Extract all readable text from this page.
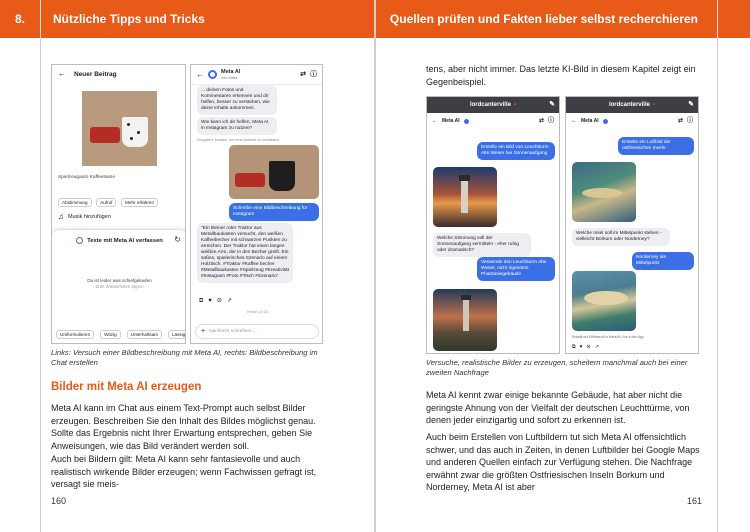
8.	Nützliche Tipps und Tricks
← Neuer Beitrag
Spielzeugauto Kaffeetasse
Abstimmung	Aufruf	Mehr erfahren
♫ Musik hinzufügen
Texte mit Meta AI verfassen ↻
Da ist leider was schiefgelaufen
Zum Wiederholen tippen
Umformulieren	Witzig	Unterhaltsam	Lässig
←	Meta AI
von Meta	⇄ ⓘ
... deinen Fotos und Kommentaren erkennen und dir helfen, besser zu verstehen, wie deine Inhalte ankommen.
Wie kann ich dir helfen, Meta AI in Instagram zu nutzen?
Gruppiert: Nutzen, um eine Antwort zu verfassen
Schreibe eine Bildbeschreibung für Instagram
"Ein kleiner roter Traktor aus Metallbaukasten versucht, den weißen Kaffeebecher mit schwarzen Punkten zu erreichen. Der Traktor hat einen langen weißen Arm, der in den Becher greift. Ein süßes, spielerisches Szenario auf einem Holztisch. #Traktor #Kaffee becher #Metallbaukasten #Spielzeug #Kreativität #Instagram #Foto #Tisch #Szenario"
⧉ ♥ ⊘ ↗
Heute 10:18
+ Nachricht schreiben ...
Links: Versuch einer Bildbeschreibung mit Meta AI, rechts: Bildbeschreibung im Chat erstellen
Bilder mit Meta AI erzeugen
Meta AI kann im Chat aus einem Text-Prompt auch selbst Bilder erzeugen. Beschreiben Sie den Inhalt des Bildes möglichst genau. Sollte das Ergebnis nicht Ihrer Erwartung entsprechen, geben Sie Anweisungen, wie das Bild verändert werden soll.
Auch bei Bildern gilt: Meta AI kann sehr fantasievolle und auch realistisch wirkende Bilder erzeugen; wenn Fachwissen gefragt ist, versagt sie meis-
160
Quellen prüfen und Fakten lieber selbst recherchieren
tens, aber nicht immer. Das letzte KI-Bild in diesem Kapitel zeigt ein Gegenbeispiel.
lordcanterville •	✎
← Meta AI	⇄ ⓘ
Erstelle ein Bild von Leuchtturm Alte Weser bei Sonnenaufgang
Welche Stimmung soll der Sonnenaufgang vermitteln - eher ruhig oder dramatisch?
Verwende den Leuchtturm Alte Weser, nicht irgendein Phantasiegebäude
lordcanterville •	✎
← Meta AI	⇄ ⓘ
Erstelle ein Luftbild der ostfriesischen Inseln
Welche Insel soll im Mittelpunkt stehen - vielleicht Borkum oder Norderney?
Norderney als Mittelpunkt
Erstellt mit KI/Meta AI in Meta AI, Nur in der App
⧉ ♥ ⊘ ↗
Versuche, realistische Bilder zu erzeugen, scheitern manchmal auch bei einer zweiten Nachfrage
Meta AI kennt zwar einige bekannte Gebäude, hat aber nicht die geringste Ahnung von der Vielfalt der deutschen Leuchttürme, von denen jeder einzigartig und sofort zu erkennen ist.
Auch beim Erstellen von Luftbildern tut sich Meta AI offensichtlich schwer, und das auch in Zeiten, in denen Luftbilder bei Google Maps und anderen Quellen einfach zur Verfügung stehen. Die Nachfrage erwähnt zwar die größten Ostfriesischen Inseln Borkum und Norderney, Meta AI ist aber
161
